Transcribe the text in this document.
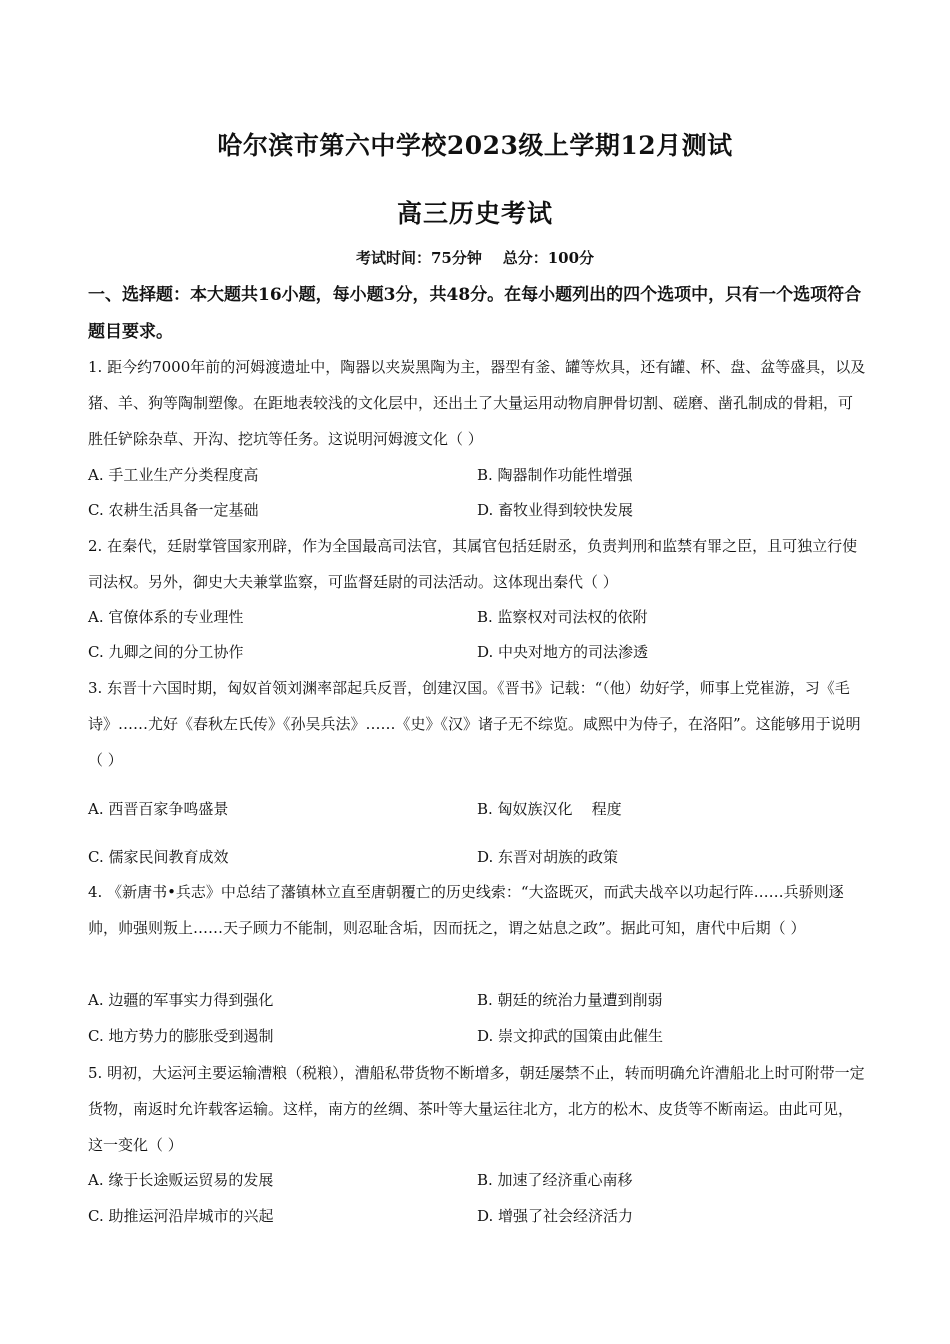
哈尔滨市第六中学校2023级上学期12月测试
高三历史考试
考试时间：75分钟    总分：100分
一、选择题：本大题共16小题，每小题3分，共48分。在每小题列出的四个选项中，只有一个选项符合题目要求。
1. 距今约7000年前的河姆渡遗址中，陶器以夹炭黑陶为主，器型有釜、罐等炊具，还有罐、杯、盘、盆等盛具，以及猪、羊、狗等陶制塑像。在距地表较浅的文化层中，还出土了大量运用动物肩胛骨切割、磋磨、凿孔制成的骨耜，可胜任铲除杂草、开沟、挖坑等任务。这说明河姆渡文化（ ）
A. 手工业生产分类程度高	B. 陶器制作功能性增强
C. 农耕生活具备一定基础	D. 畜牧业得到较快发展
2. 在秦代，廷尉掌管国家刑辟，作为全国最高司法官，其属官包括廷尉丞，负责判刑和监禁有罪之臣，且可独立行使司法权。另外，御史大夫兼掌监察，可监督廷尉的司法活动。这体现出秦代（ ）
A. 官僚体系的专业理性	B. 监察权对司法权的依附
C. 九卿之间的分工协作	D. 中央对地方的司法渗透
3. 东晋十六国时期，匈奴首领刘渊率部起兵反晋，创建汉国。《晋书》记载：“（他）幼好学，师事上党崔游，习《毛诗》……尤好《春秋左氏传》《孙吴兵法》……《史》《汉》诸子无不综览。咸熙中为侍子，在洛阳”。这能够用于说明（ ）
A. 西晋百家争鸣盛景	B. 匈奴族汉化    程度
C. 儒家民间教育成效	D. 东晋对胡族的政策
4. 《新唐书•兵志》中总结了藩镇林立直至唐朝覆亡的历史线索：“大盗既灭，而武夫战卒以功起行阵……兵骄则逐帅，帅强则叛上……天子顾力不能制，则忍耻含垢，因而抚之，谓之姑息之政”。据此可知，唐代中后期（ ）
A. 边疆的军事实力得到强化	B. 朝廷的统治力量遭到削弱
C. 地方势力的膨胀受到遏制	D. 崇文抑武的国策由此催生
5. 明初，大运河主要运输漕粮（税粮），漕船私带货物不断增多，朝廷屡禁不止，转而明确允许漕船北上时可附带一定货物，南返时允许载客运输。这样，南方的丝绸、茶叶等大量运往北方，北方的松木、皮货等不断南运。由此可见，这一变化（ ）
A. 缘于长途贩运贸易的发展	B. 加速了经济重心南移
C. 助推运河沿岸城市的兴起	D. 增强了社会经济活力
